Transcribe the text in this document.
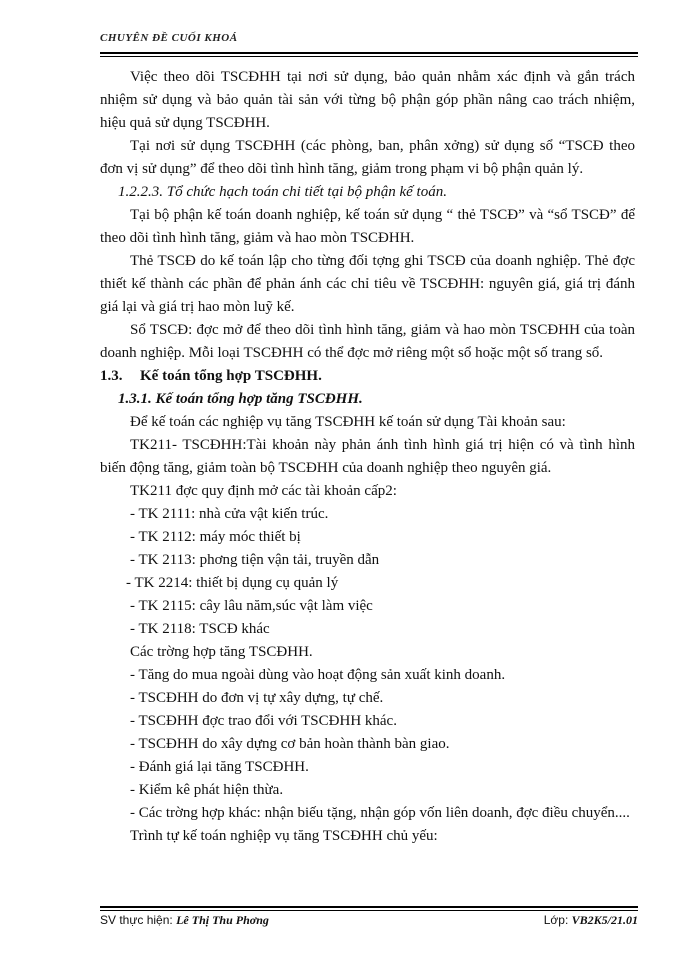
CHUYÊN ĐỀ CUỐI KHOÁ

Việc theo dõi TSCĐHH tại nơi sử dụng, bảo quản nhằm xác định và gắn trách nhiệm sử dụng và bảo quản tài sản với từng bộ phận góp phần nâng cao trách nhiệm, hiệu quả sử dụng TSCĐHH.

Tại nơi sử dụng TSCĐHH (các phòng, ban, phân xởng) sử dụng sổ “TSCĐ theo đơn vị sử dụng” để theo dõi tình hình tăng, giảm trong phạm vi bộ phận quản lý.

1.2.2.3. Tổ chức hạch toán chi tiết tại bộ phận kế toán.

Tại bộ phận kế toán doanh nghiệp, kế toán sử dụng “ thẻ TSCĐ” và “sổ TSCĐ” để theo dõi tình hình tăng, giảm và hao mòn TSCĐHH.

Thẻ TSCĐ do kế toán lập cho từng đối tợng ghi TSCĐ của doanh nghiệp. Thẻ đợc thiết kế thành các phần để phản ánh các chỉ tiêu về TSCĐHH: nguyên giá, giá trị đánh giá lại và giá trị hao mòn luỹ kế.

Sổ TSCĐ: đợc mở để theo dõi tình hình tăng, giảm và hao mòn TSCĐHH của toàn doanh nghiệp. Mỗi loại TSCĐHH có thể đợc mở riêng một sổ hoặc một số trang sổ.

1.3. Kế toán tổng hợp TSCĐHH.

1.3.1. Kế toán tổng hợp tăng TSCĐHH.

Để kế toán các nghiệp vụ tăng TSCĐHH kế toán sử dụng Tài khoản sau:

TK211- TSCĐHH:Tài khoản này phản ánh tình hình giá trị hiện có và tình hình biến động tăng, giảm toàn bộ TSCĐHH của doanh nghiệp theo nguyên giá.

TK211 đợc quy định mở các tài khoản cấp2:

- TK 2111: nhà cửa vật kiến trúc.

- TK 2112: máy móc thiết bị

- TK 2113: phơng tiện vận tải, truyền dẫn

- TK 2214: thiết bị dụng cụ quản lý

- TK 2115: cây lâu năm,súc vật làm việc

- TK 2118: TSCĐ khác

Các trờng hợp tăng TSCĐHH.

- Tăng do mua ngoài dùng vào hoạt động sản xuất kinh doanh.

- TSCĐHH do đơn vị tự xây dựng, tự chế.

- TSCĐHH đợc trao đổi với TSCĐHH khác.

- TSCĐHH do xây dựng cơ bản hoàn thành bàn giao.

- Đánh giá lại tăng TSCĐHH.

- Kiểm kê phát hiện thừa.

- Các trờng hợp khác: nhận biếu tặng, nhận góp vốn liên doanh, đợc điều chuyển....

Trình tự kế toán nghiệp vụ tăng TSCĐHH chủ yếu:

SV thực hiện: Lê Thị Thu Phơng	Lớp: VB2K5/21.01
